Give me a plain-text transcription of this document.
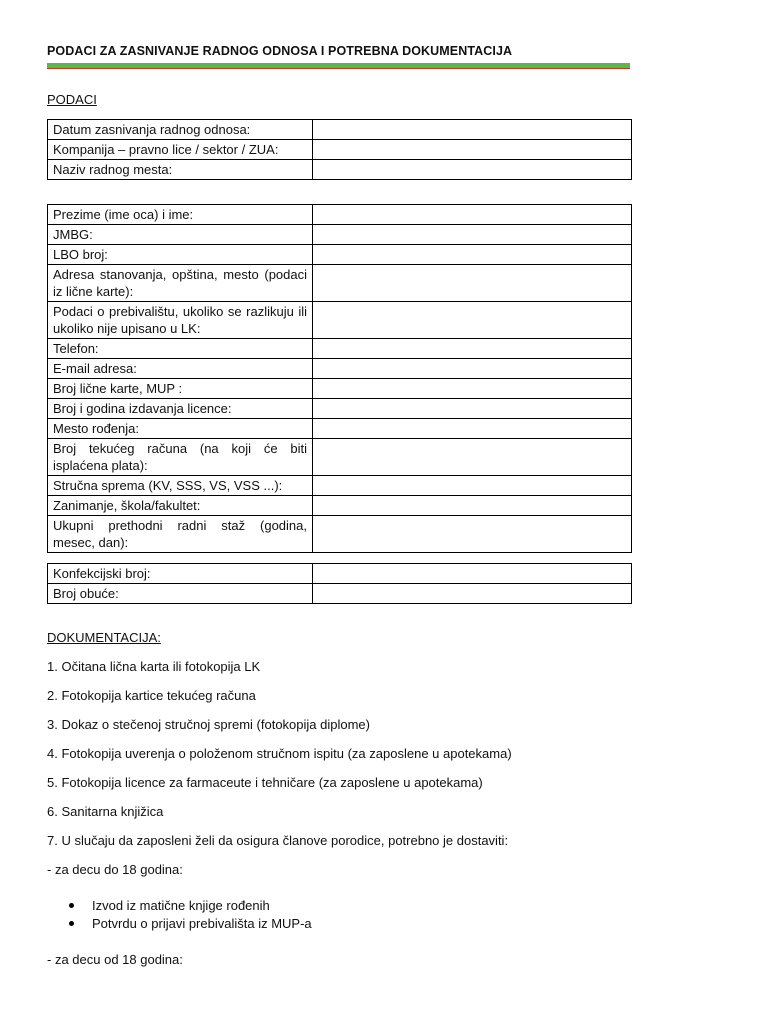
PODACI ZA ZASNIVANJE RADNOG ODNOSA I POTREBNA DOKUMENTACIJA
PODACI
Datum zasnivanja radnog odnosa:	
Kompanija – pravno lice / sektor / ZUA:	
Naziv radnog mesta:	
Prezime (ime oca) i ime:	
JMBG:	
LBO broj:	
Adresa stanovanja, opština, mesto (podaci iz lične karte):	
Podaci o prebivalištu, ukoliko se razlikuju ili ukoliko nije upisano u LK:	
Telefon:	
E-mail adresa:	
Broj lične karte, MUP :	
Broj i godina izdavanja licence:	
Mesto rođenja:	
Broj tekućeg računa (na koji će biti isplaćena plata):	
Stručna sprema (KV, SSS, VS, VSS ...):	
Zanimanje, škola/fakultet:	
Ukupni prethodni radni staž (godina, mesec, dan):	
Konfekcijski broj:	
Broj obuće:	
DOKUMENTACIJA:
1. Očitana lična karta ili fotokopija LK
2. Fotokopija kartice tekućeg računa
3. Dokaz o stečenoj stručnoj spremi (fotokopija diplome)
4. Fotokopija uverenja o položenom stručnom ispitu (za zaposlene u apotekama)
5. Fotokopija licence za farmaceute i tehničare (za zaposlene u apotekama)
6. Sanitarna knjižica
7. U slučaju da zaposleni želi da osigura članove porodice, potrebno je dostaviti:
- za decu do 18 godina:
Izvod iz matične knjige rođenih
Potvrdu o prijavi prebivališta iz MUP-a
- za decu od 18 godina:
